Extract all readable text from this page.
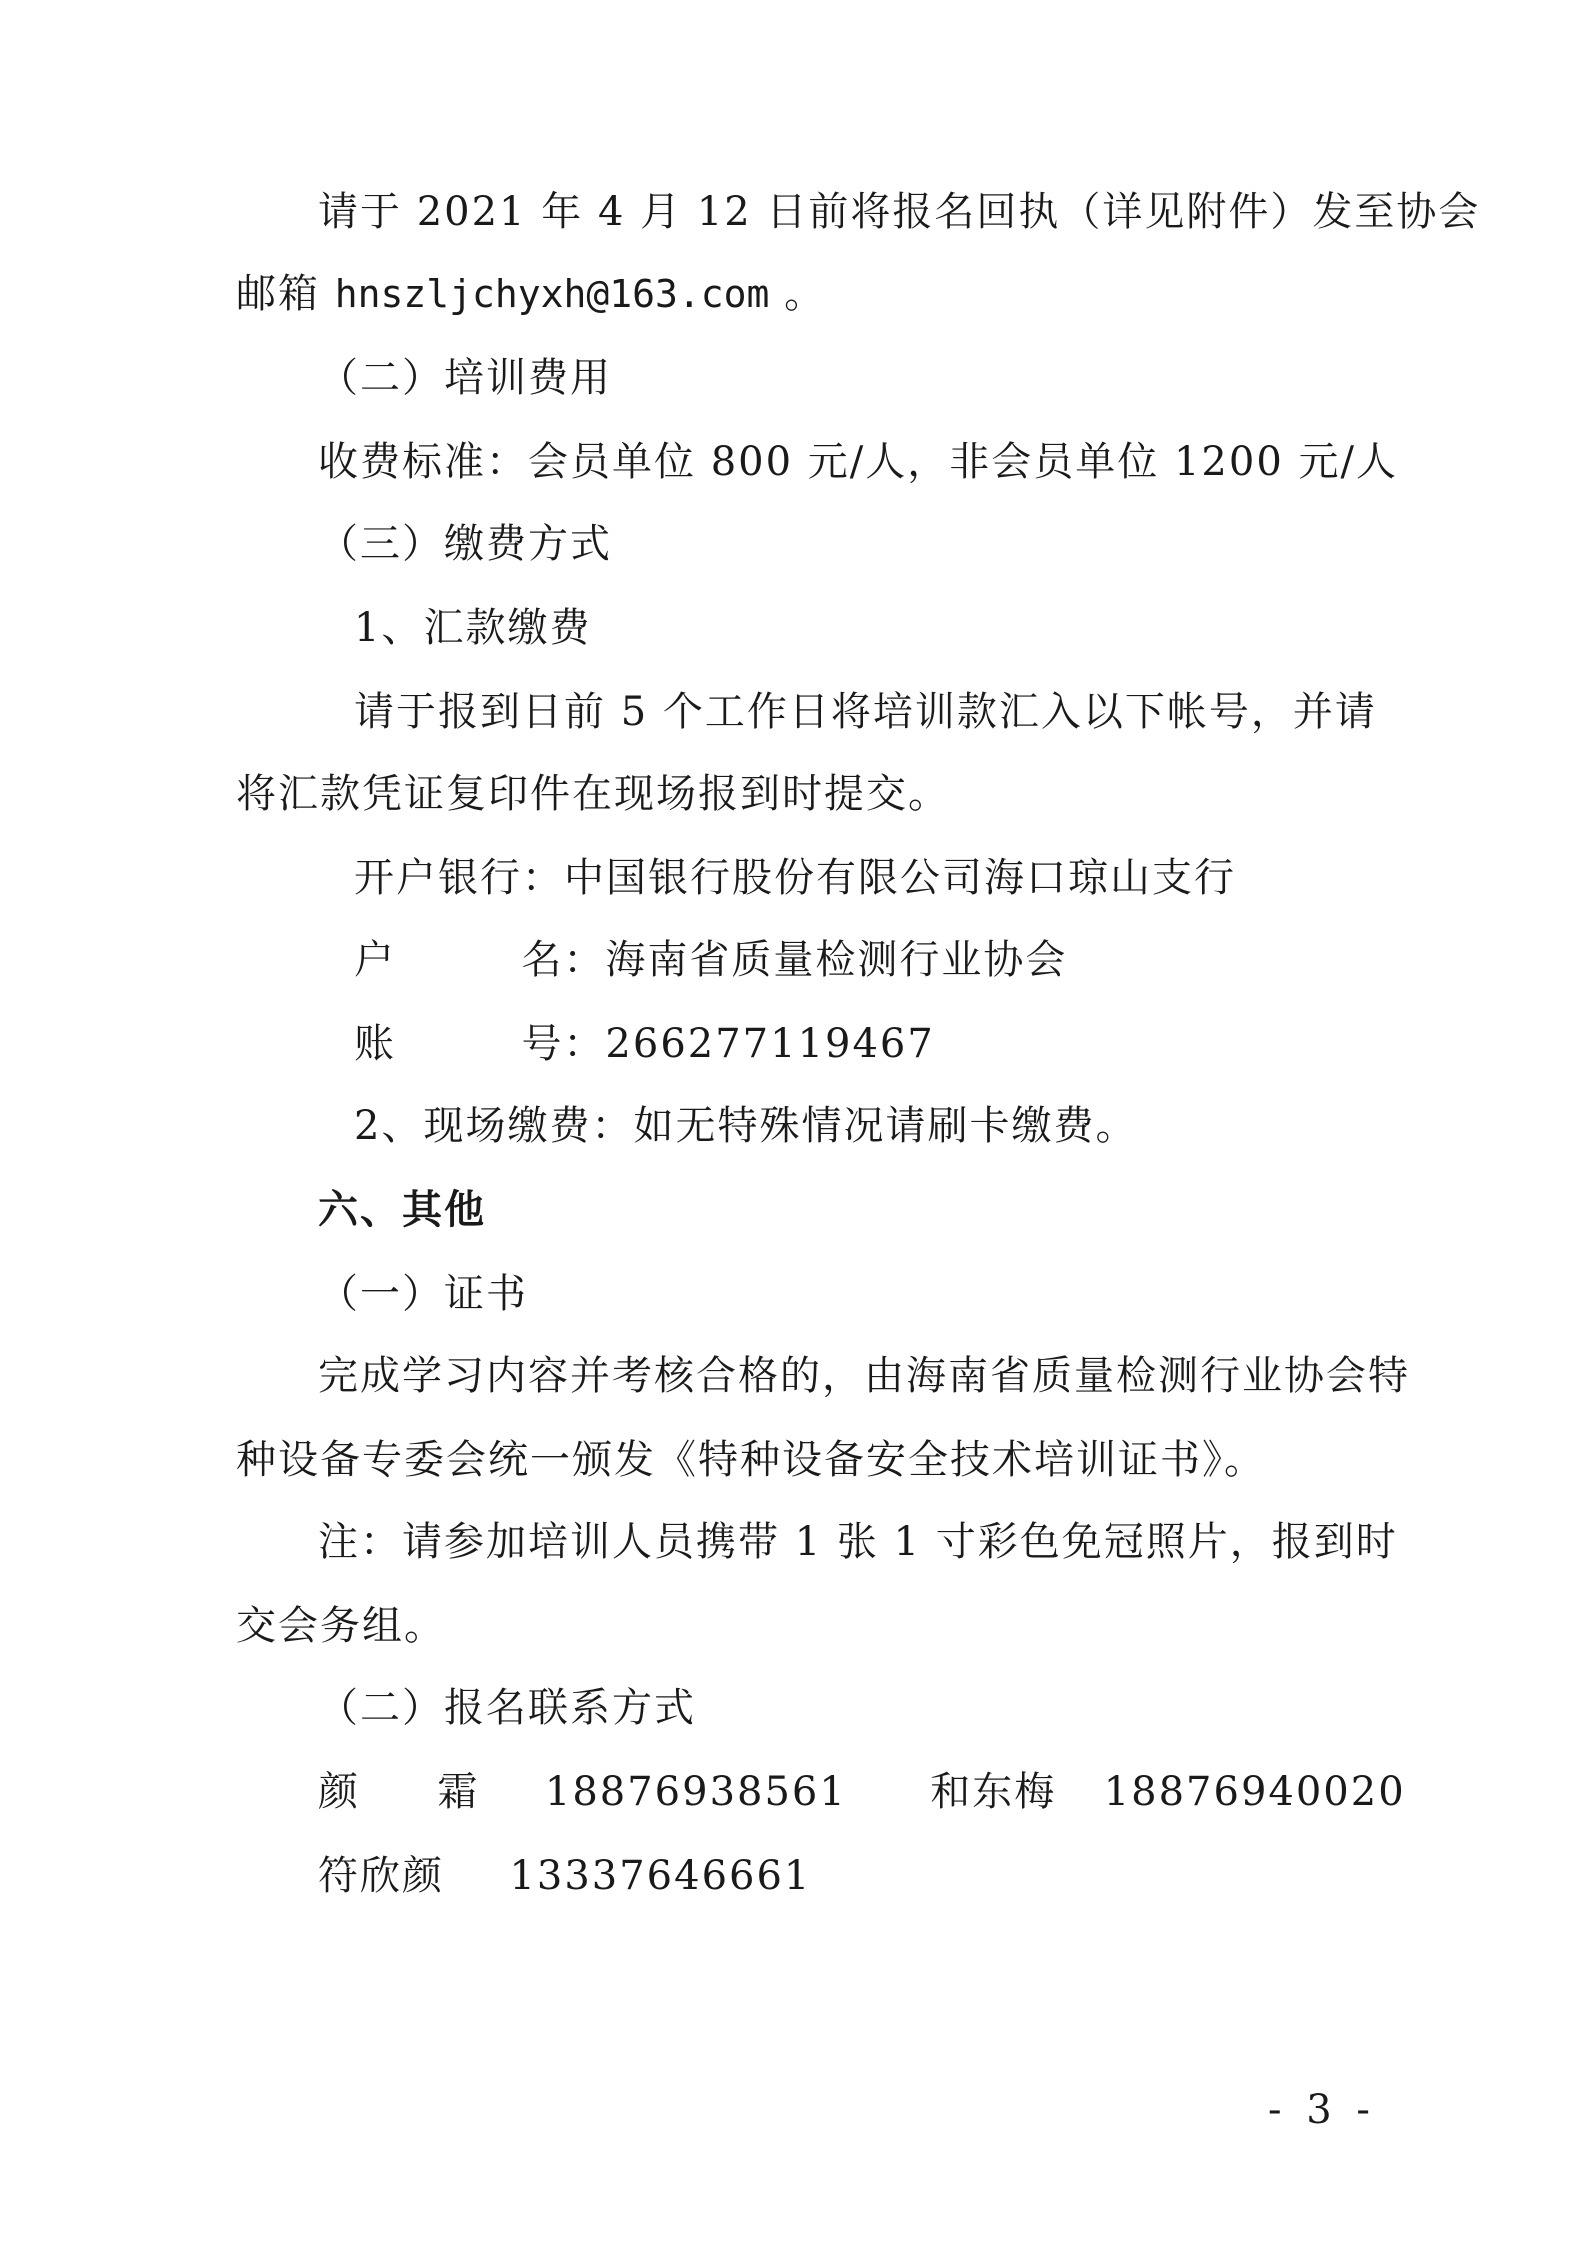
请于 2021 年 4 月 12 日前将报名回执（详见附件）发至协会
邮箱 hnszljchyxh@163.com 。
（二）培训费用
收费标准：会员单位 800 元/人，非会员单位 1200 元/人
（三）缴费方式
1、汇款缴费
请于报到日前 5 个工作日将培训款汇入以下帐号，并请
将汇款凭证复印件在现场报到时提交。
开户银行：中国银行股份有限公司海口琼山支行
户	名：海南省质量检测行业协会
账	号：266277119467
2、现场缴费：如无特殊情况请刷卡缴费。
六、其他
（一）证书
完成学习内容并考核合格的，由海南省质量检测行业协会特
种设备专委会统一颁发《特种设备安全技术培训证书》。
注：请参加培训人员携带 1 张 1 寸彩色免冠照片，报到时
交会务组。
（二）报名联系方式
颜 霜 18876938561 和东梅 18876940020
符欣颜 13337646661
- 3 -
